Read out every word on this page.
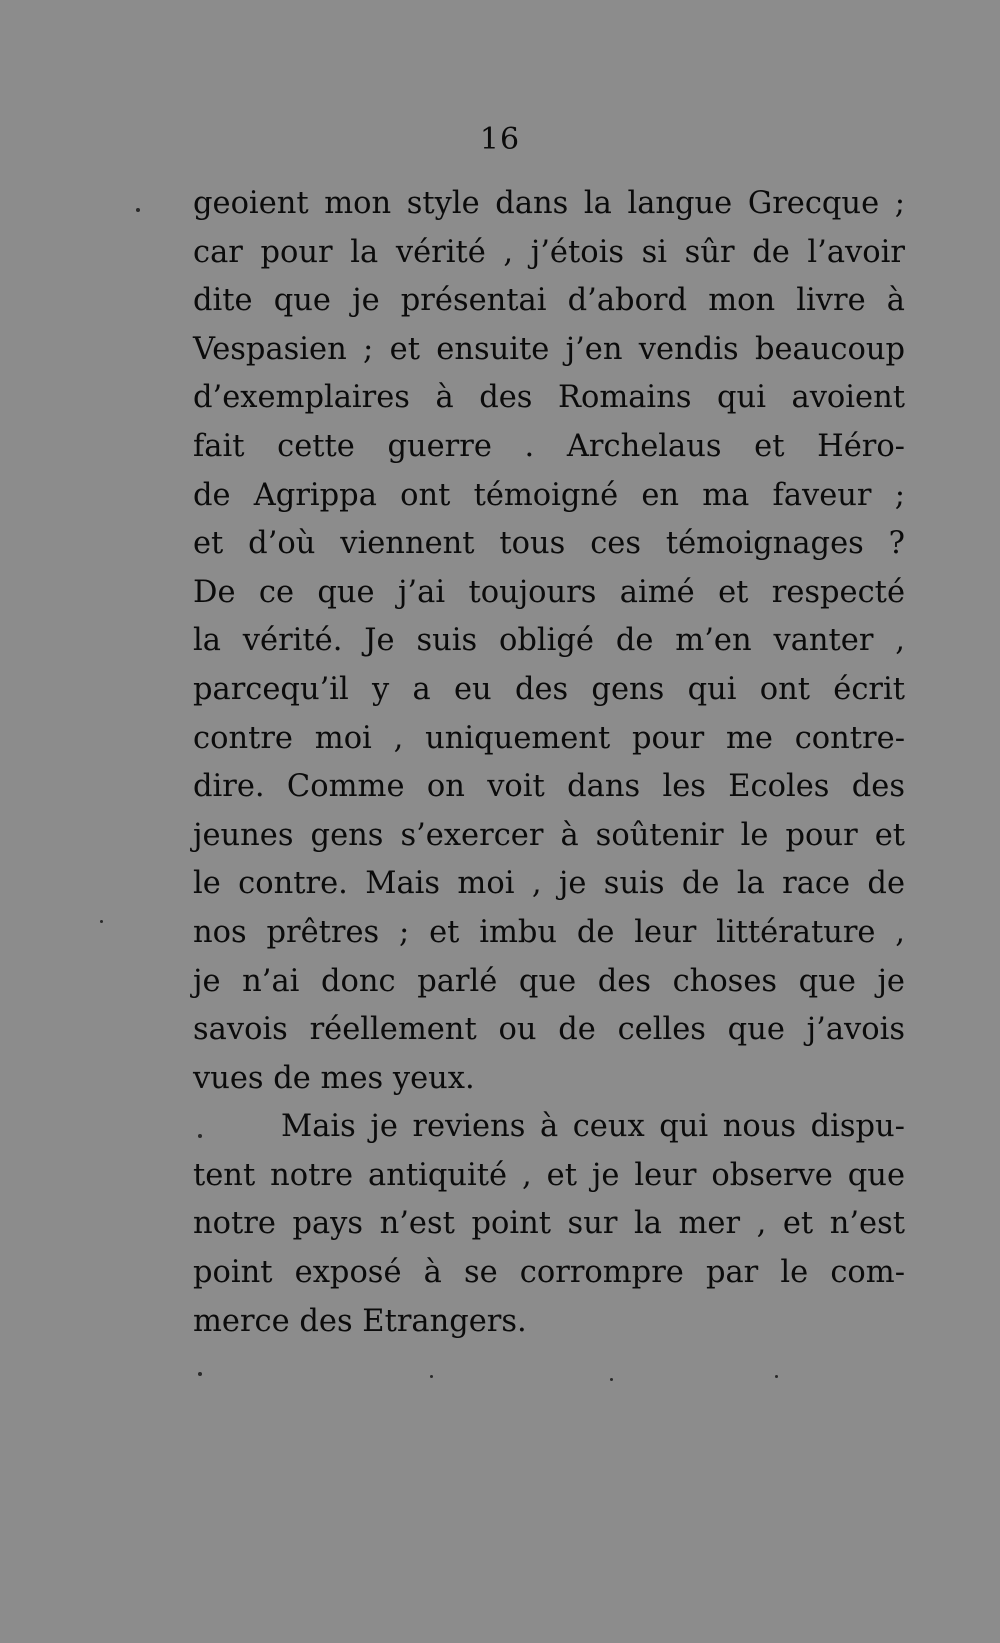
16
geoient mon style dans la langue Grecque ;
car pour la vérité , j’étois si sûr de l’avoir
dite que je présentai d’abord mon livre à
Vespasien ; et ensuite j’en vendis beaucoup
d’exemplaires à des Romains qui avoient
fait cette guerre . Archelaus et Héro-
de Agrippa ont témoigné en ma faveur ;
et d’où viennent tous ces témoignages ?
De ce que j’ai toujours aimé et respecté
la vérité. Je suis obligé de m’en vanter ,
parcequ’il y a eu des gens qui ont écrit
contre moi , uniquement pour me contre-
dire. Comme on voit dans les Ecoles des
jeunes gens s’exercer à soûtenir le pour et
le contre. Mais moi , je suis de la race de
nos prêtres ; et imbu de leur littérature ,
je n’ai donc parlé que des choses que je
savois réellement ou de celles que j’avois
vues de mes yeux.
Mais je reviens à ceux qui nous dispu-
tent notre antiquité , et je leur observe que
notre pays n’est point sur la mer , et n’est
point exposé à se corrompre par le com-
merce des Etrangers.
